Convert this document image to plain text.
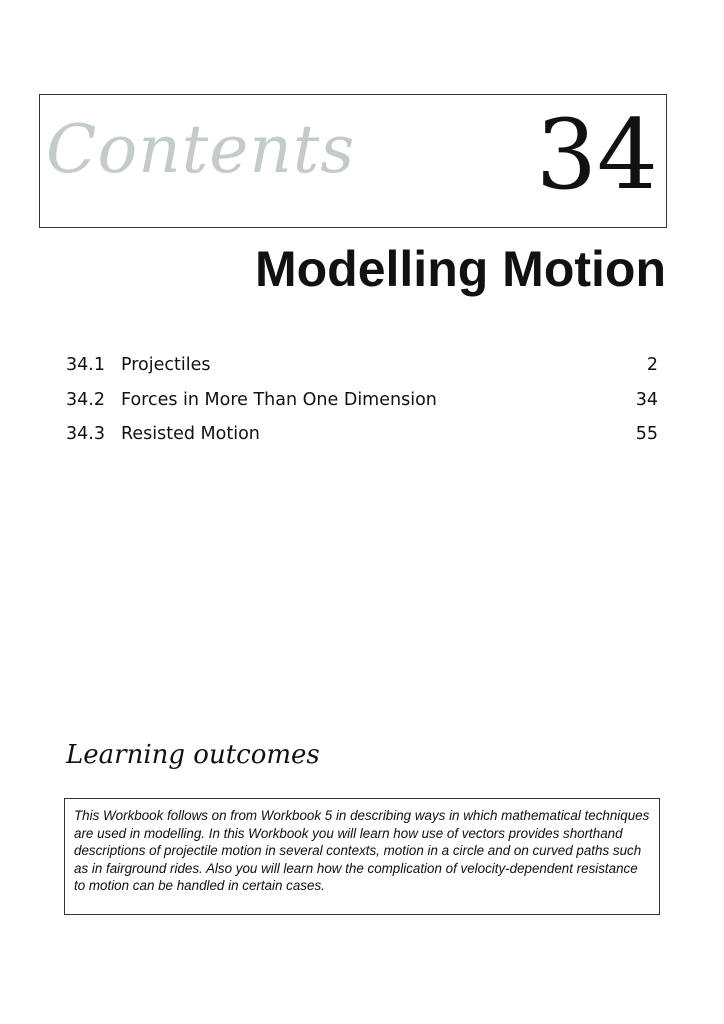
Contents 34
Modelling Motion
34.1 Projectiles	2
34.2 Forces in More Than One Dimension	34
34.3 Resisted Motion	55
Learning outcomes

This Workbook follows on from Workbook 5 in describing ways in which mathematical techniques are used in modelling. In this Workbook you will learn how use of vectors provides shorthand descriptions of projectile motion in several contexts, motion in a circle and on curved paths such as in fairground rides. Also you will learn how the complication of velocity-dependent resistance to motion can be handled in certain cases.
